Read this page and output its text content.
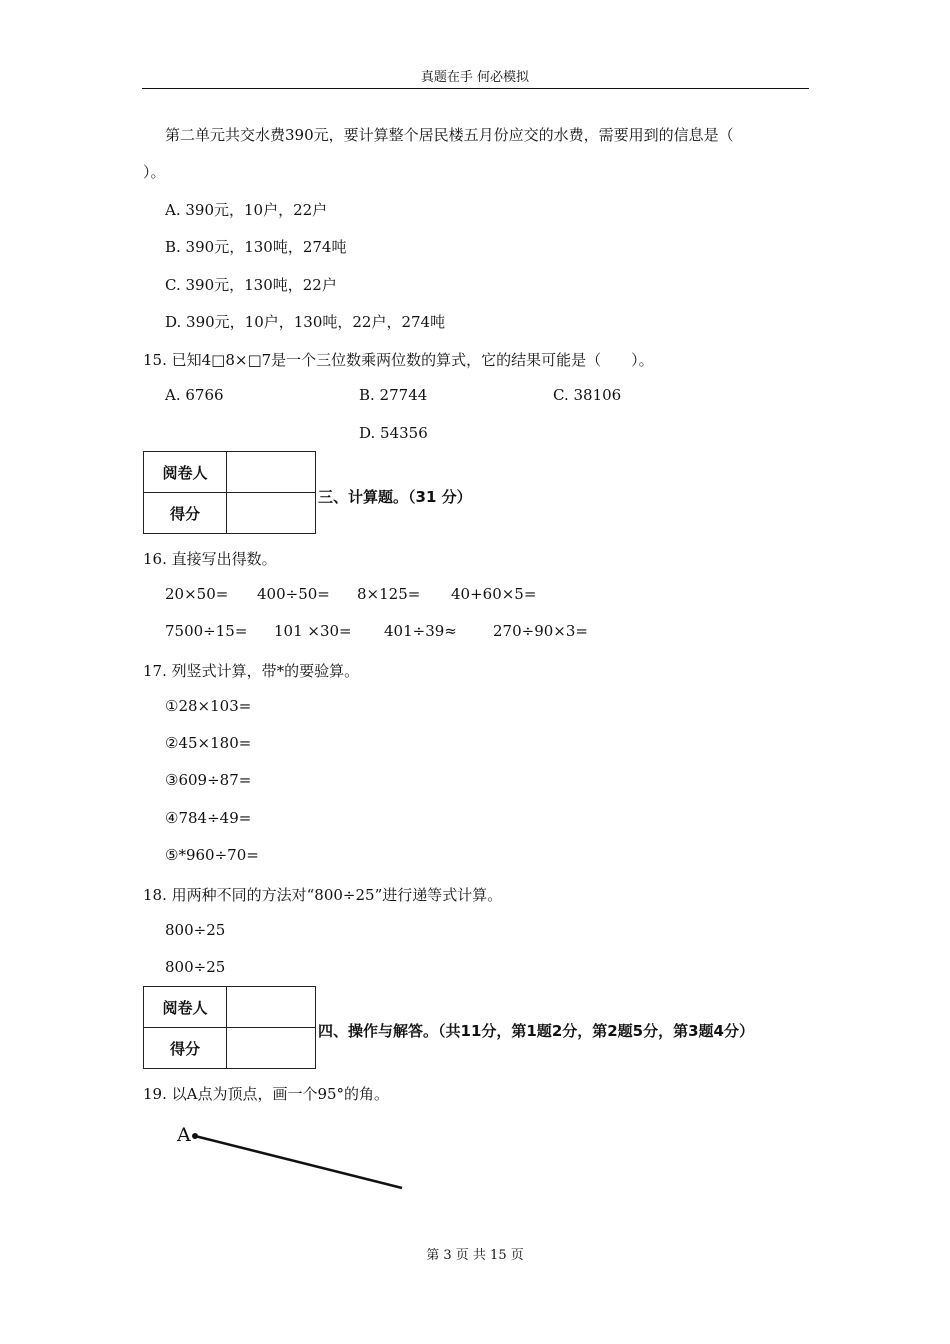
真题在手 何必模拟
第二单元共交水费390元，要计算整个居民楼五月份应交的水费，需要用到的信息是（
）。
A. 390元，10户，22户
B. 390元，130吨，274吨
C. 390元，130吨，22户
D. 390元，10户，130吨，22户，274吨
15. 已知4□8×□7是一个三位数乘两位数的算式，它的结果可能是（　　）。
A. 6766	B. 27744	C. 38106
D. 54356
阅卷人	
得分	
三、计算题。（31 分）
16. 直接写出得数。
20×50= 400÷50= 8×125= 40+60×5=
7500÷15= 101 ×30= 401÷39≈ 270÷90×3=
17. 列竖式计算，带*的要验算。
①28×103=
②45×180=
③609÷87=
④784÷49=
⑤*960÷70=
18. 用两种不同的方法对“800÷25”进行递等式计算。
800÷25
800÷25
阅卷人	
得分	
四、操作与解答。（共11分，第1题2分，第2题5分，第3题4分）
19. 以A点为顶点，画一个95°的角。
A
第 3 页 共 15 页
